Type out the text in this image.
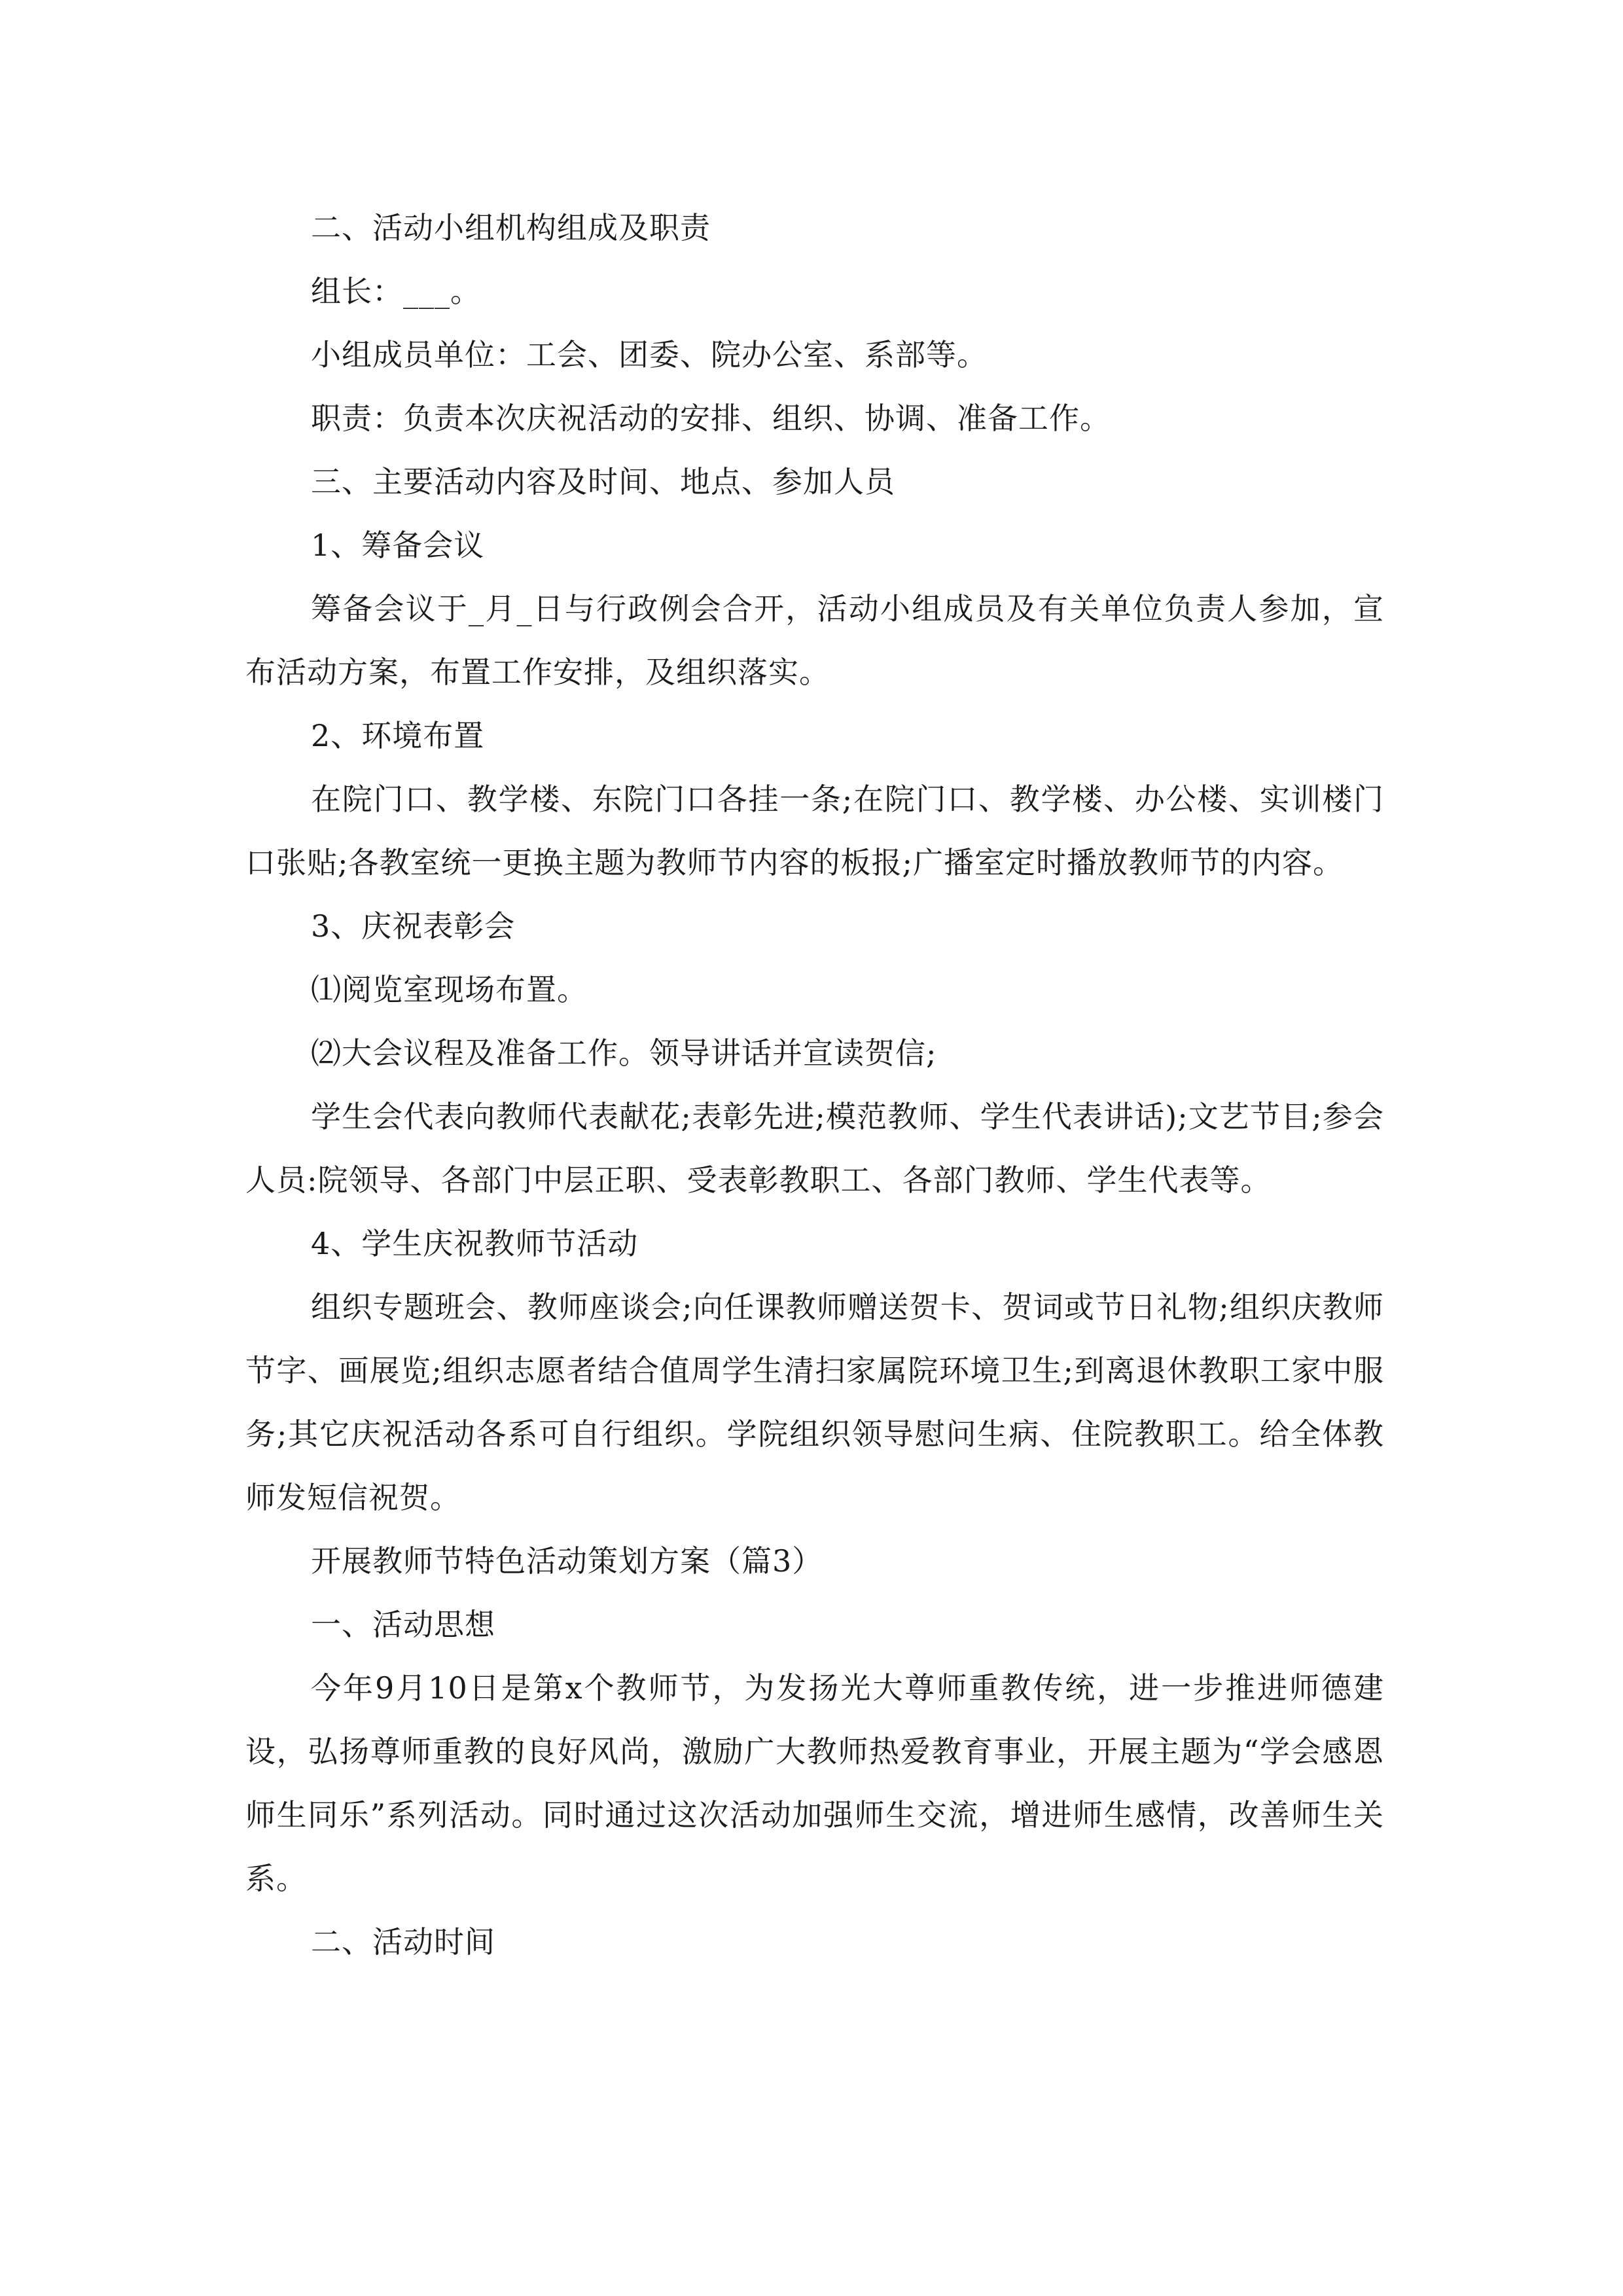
二、活动小组机构组成及职责

组长：___。

小组成员单位：工会、团委、院办公室、系部等。

职责：负责本次庆祝活动的安排、组织、协调、准备工作。

三、主要活动内容及时间、地点、参加人员

1、筹备会议

筹备会议于_月_日与行政例会合开，活动小组成员及有关单位负责人参加，宣布活动方案，布置工作安排，及组织落实。

2、环境布置

在院门口、教学楼、东院门口各挂一条;在院门口、教学楼、办公楼、实训楼门口张贴;各教室统一更换主题为教师节内容的板报;广播室定时播放教师节的内容。

3、庆祝表彰会

⑴阅览室现场布置。

⑵大会议程及准备工作。领导讲话并宣读贺信;

学生会代表向教师代表献花;表彰先进;模范教师、学生代表讲话);文艺节目;参会人员:院领导、各部门中层正职、受表彰教职工、各部门教师、学生代表等。

4、学生庆祝教师节活动

组织专题班会、教师座谈会;向任课教师赠送贺卡、贺词或节日礼物;组织庆教师节字、画展览;组织志愿者结合值周学生清扫家属院环境卫生;到离退休教职工家中服务;其它庆祝活动各系可自行组织。学院组织领导慰问生病、住院教职工。给全体教师发短信祝贺。

开展教师节特色活动策划方案（篇3）

一、活动思想

今年9月10日是第x个教师节，为发扬光大尊师重教传统，进一步推进师德建设，弘扬尊师重教的良好风尚，激励广大教师热爱教育事业，开展主题为“学会感恩师生同乐”系列活动。同时通过这次活动加强师生交流，增进师生感情，改善师生关系。

二、活动时间
